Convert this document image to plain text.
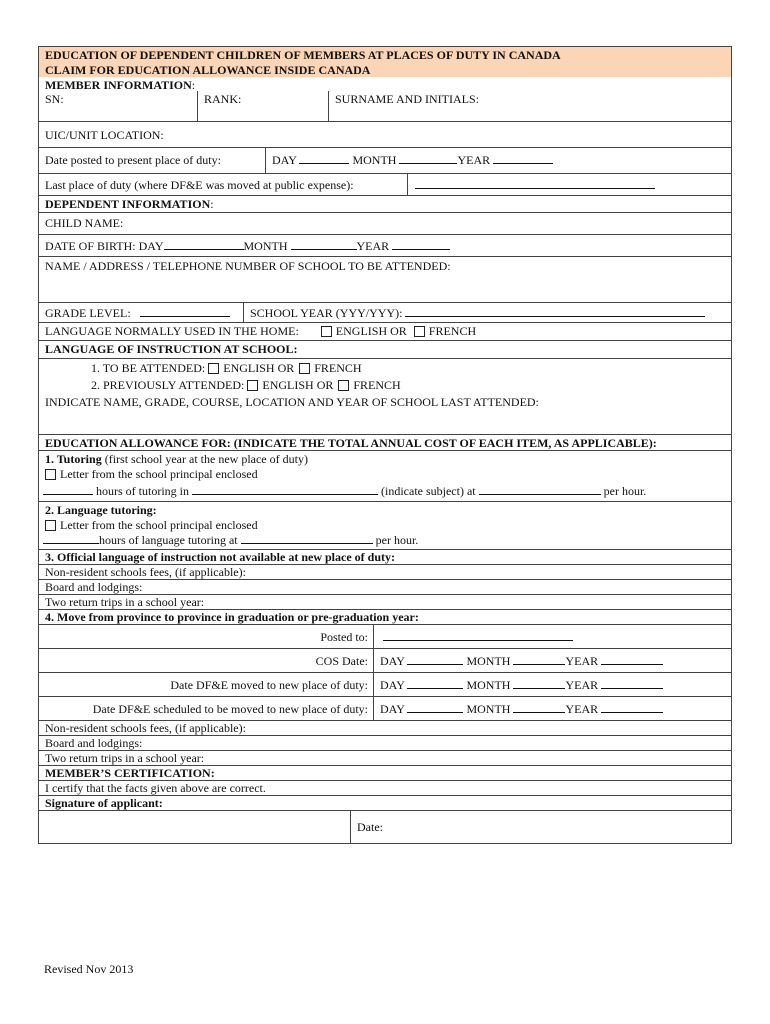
EDUCATION OF DEPENDENT CHILDREN OF MEMBERS AT PLACES OF DUTY IN CANADA
CLAIM FOR EDUCATION ALLOWANCE INSIDE CANADA
MEMBER INFORMATION:
SN:	RANK:	SURNAME AND INITIALS:
UIC/UNIT LOCATION:
Date posted to present place of duty:	DAY	MONTH	YEAR
Last place of duty (where DF&E was moved at public expense):
DEPENDENT INFORMATION:
CHILD NAME:
DATE OF BIRTH: DAY	MONTH	YEAR
NAME / ADDRESS / TELEPHONE NUMBER OF SCHOOL TO BE ATTENDED:
GRADE LEVEL:	SCHOOL YEAR (YYY/YYY):
LANGUAGE NORMALLY USED IN THE HOME:	ENGLISH OR FRENCH
LANGUAGE OF INSTRUCTION AT SCHOOL:
1. TO BE ATTENDED: ENGLISH OR FRENCH
2. PREVIOUSLY ATTENDED: ENGLISH OR FRENCH
INDICATE NAME, GRADE, COURSE, LOCATION AND YEAR OF SCHOOL LAST ATTENDED:
EDUCATION ALLOWANCE FOR: (INDICATE THE TOTAL ANNUAL COST OF EACH ITEM, AS APPLICABLE):
1. Tutoring (first school year at the new place of duty)
Letter from the school principal enclosed
hours of tutoring in	(indicate subject) at	per hour.
2. Language tutoring:
Letter from the school principal enclosed
hours of language tutoring at	per hour.
3. Official language of instruction not available at new place of duty:
Non-resident schools fees, (if applicable):
Board and lodgings:
Two return trips in a school year:
4. Move from province to province in graduation or pre-graduation year:
Posted to:
COS Date:	DAY	MONTH	YEAR
Date DF&E moved to new place of duty:	DAY	MONTH	YEAR
Date DF&E scheduled to be moved to new place of duty:	DAY	MONTH	YEAR
Non-resident schools fees, (if applicable):
Board and lodgings:
Two return trips in a school year:
MEMBER’S CERTIFICATION:
I certify that the facts given above are correct.
Signature of applicant:
Date:
Revised Nov 2013
